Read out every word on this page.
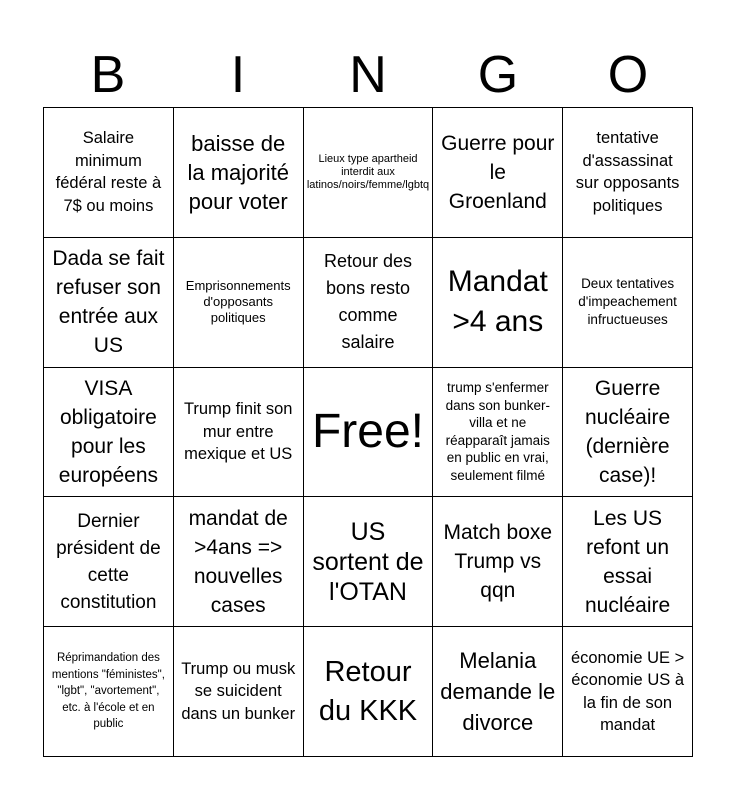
B	I	N	G	O
Salaire minimum fédéral reste à 7$ ou moins
baisse de la majorité pour voter
Lieux type apartheid interdit aux latinos/noirs/femme/lgbtq
Guerre pour le Groenland
tentative d'assassinat sur opposants politiques
Dada se fait refuser son entrée aux US
Emprisonnements d'opposants politiques
Retour des bons resto comme salaire
Mandat >4 ans
Deux tentatives d'impeachement infructueuses
VISA obligatoire pour les européens
Trump finit son mur entre mexique et US Free!
trump s'enfermer dans son bunker-villa et ne réapparaît jamais en public en vrai, seulement filmé
Guerre nucléaire (dernière case)!
Dernier président de cette constitution
mandat de >4ans => nouvelles cases
US sortent de l'OTAN
Match boxe Trump vs qqn
Les US refont un essai nucléaire
Réprimandation des mentions "féministes", "lgbt", "avortement", etc. à l'école et en public
Trump ou musk se suicident dans un bunker
Retour du KKK
Melania demande le divorce
économie UE > économie US à la fin de son mandat
